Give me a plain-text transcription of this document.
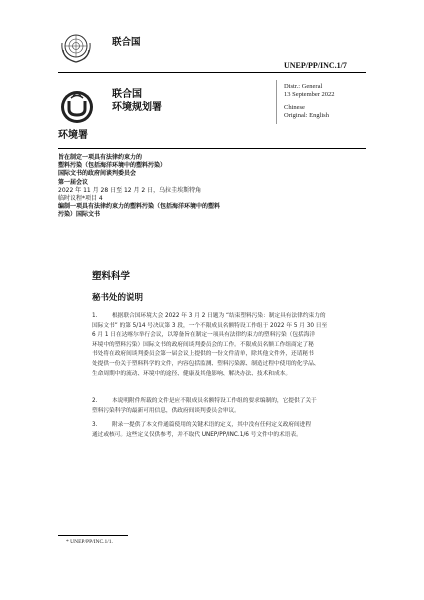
联合国
UNEP/PP/INC.1/7
环境署
联合国
环境规划署
Distr.: General
13 September 2022
Chinese
Original: English
旨在制定一项具有法律约束力的
塑料污染（包括海洋环境中的塑料污染）
国际文书的政府间谈判委员会
第一届会议
2022 年 11 月 28 日至 12 月 2 日，乌拉圭埃斯特角
临时议程*项目 4
编制一项具有法律约束力的塑料污染（包括海洋环境中的塑料
污染）国际文书
塑料科学
秘书处的说明
1.	根据联合国环境大会 2022 年 3 月 2 日题为 “结束塑料污染：制定具有法律约束力的
国际文书” 的第 5/14 号决议第 3 段，一个不限成员名额特设工作组于 2022 年 5 月 30 日至
6 月 1 日在达喀尔举行会议，以筹备旨在制定一项具有法律约束力的塑料污染（包括海洋
环境中的塑料污染）国际文书的政府间谈判委员会的工作。不限成员名额工作组商定了秘
书处将在政府间谈判委员会第一届会议上提供的一份文件清单，除其他文件外，还请秘书
处提供一份关于塑料科学的文件，内容包括监测、塑料污染源、制造过程中使用的化学品、
生命周期中的流动、环境中的途径、健康及其他影响、解决办法、技术和成本。
2.	本说明附件所载的文件是应不限成员名额特设工作组的要求编制的，它提供了关于
塑料污染科学的最新可用信息，供政府间谈判委员会审议。
3.	附录一提供了本文件通篇使用的关键术语的定义，其中没有任何定义政府间进程
通过或核可。这些定义仅供参考，并不取代 UNEP/PP/INC.1/6 号文件中的术语表。
* UNEP/PP/INC.1/1.
